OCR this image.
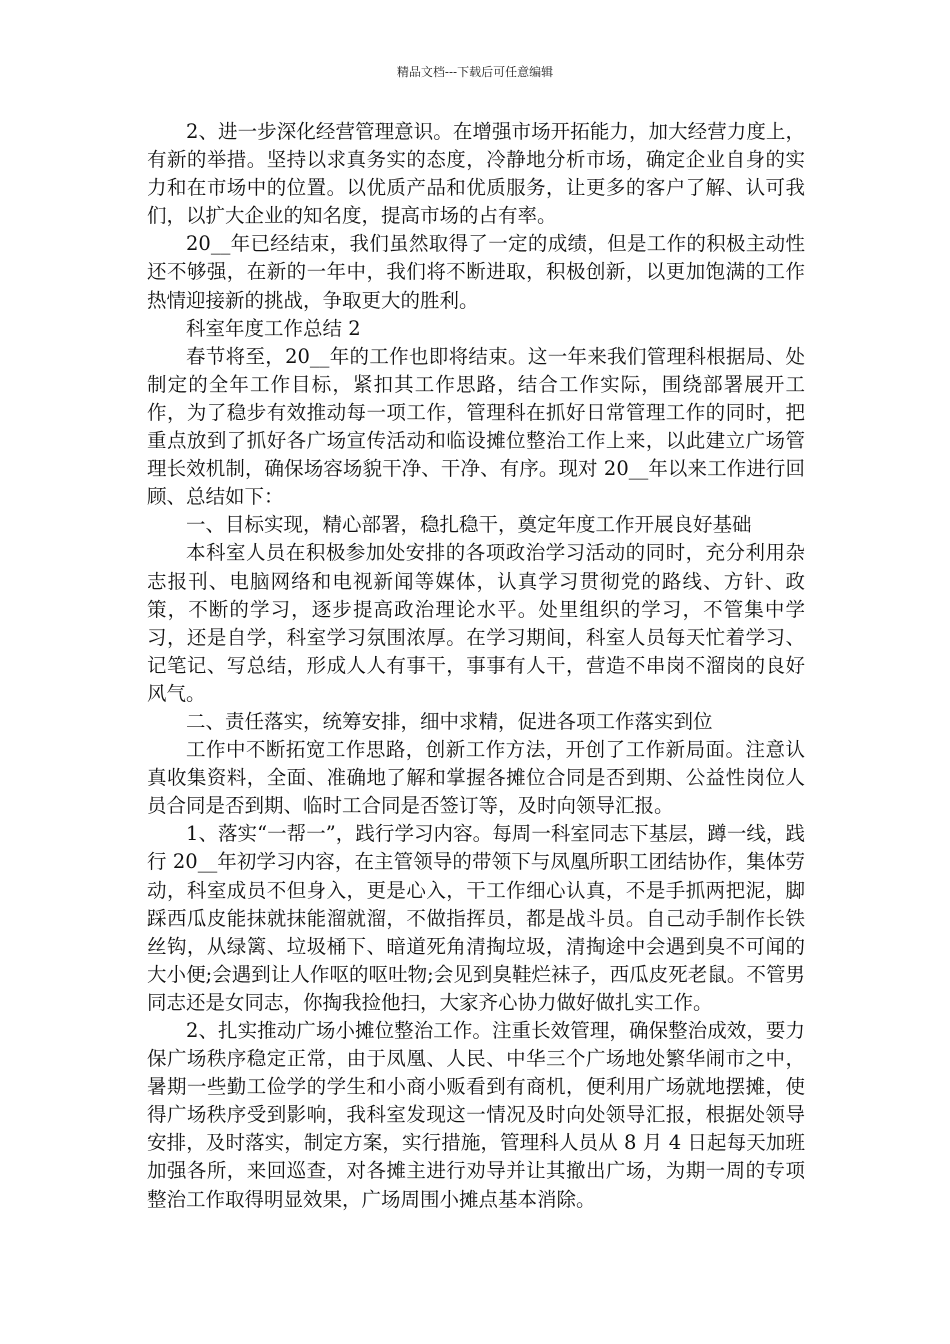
精品文档---下载后可任意编辑

2、进一步深化经营管理意识。在增强市场开拓能力，加大经营力度上，有新的举措。坚持以求真务实的态度，冷静地分析市场，确定企业自身的实力和在市场中的位置。以优质产品和优质服务，让更多的客户了解、认可我们，以扩大企业的知名度，提高市场的占有率。

20__年已经结束，我们虽然取得了一定的成绩，但是工作的积极主动性还不够强，在新的一年中，我们将不断进取，积极创新，以更加饱满的工作热情迎接新的挑战，争取更大的胜利。

科室年度工作总结 2

春节将至，20__年的工作也即将结束。这一年来我们管理科根据局、处制定的全年工作目标，紧扣其工作思路，结合工作实际，围绕部署展开工作，为了稳步有效推动每一项工作，管理科在抓好日常管理工作的同时，把重点放到了抓好各广场宣传活动和临设摊位整治工作上来，以此建立广场管理长效机制，确保场容场貌干净、干净、有序。现对 20__年以来工作进行回顾、总结如下：

一、目标实现，精心部署，稳扎稳干，奠定年度工作开展良好基础

本科室人员在积极参加处安排的各项政治学习活动的同时，充分利用杂志报刊、电脑网络和电视新闻等媒体，认真学习贯彻党的路线、方针、政策，不断的学习，逐步提高政治理论水平。处里组织的学习，不管集中学习，还是自学，科室学习氛围浓厚。在学习期间，科室人员每天忙着学习、记笔记、写总结，形成人人有事干，事事有人干，营造不串岗不溜岗的良好风气。

二、责任落实，统筹安排，细中求精，促进各项工作落实到位

工作中不断拓宽工作思路，创新工作方法，开创了工作新局面。注意认真收集资料，全面、准确地了解和掌握各摊位合同是否到期、公益性岗位人员合同是否到期、临时工合同是否签订等，及时向领导汇报。

1、落实“一帮一”，践行学习内容。每周一科室同志下基层，蹲一线，践行 20__年初学习内容，在主管领导的带领下与凤凰所职工团结协作，集体劳动，科室成员不但身入，更是心入，干工作细心认真，不是手抓两把泥，脚踩西瓜皮能抹就抹能溜就溜，不做指挥员，都是战斗员。自己动手制作长铁丝钩，从绿篱、垃圾桶下、暗道死角清掏垃圾，清掏途中会遇到臭不可闻的大小便;会遇到让人作呕的呕吐物;会见到臭鞋烂袜子，西瓜皮死老鼠。不管男同志还是女同志，你掏我捡他扫，大家齐心协力做好做扎实工作。

2、扎实推动广场小摊位整治工作。注重长效管理，确保整治成效，要力保广场秩序稳定正常，由于凤凰、人民、中华三个广场地处繁华闹市之中，暑期一些勤工俭学的学生和小商小贩看到有商机，便利用广场就地摆摊，使得广场秩序受到影响，我科室发现这一情况及时向处领导汇报，根据处领导安排，及时落实，制定方案，实行措施，管理科人员从 8 月 4 日起每天加班加强各所，来回巡查，对各摊主进行劝导并让其撤出广场，为期一周的专项整治工作取得明显效果，广场周围小摊点基本消除。
